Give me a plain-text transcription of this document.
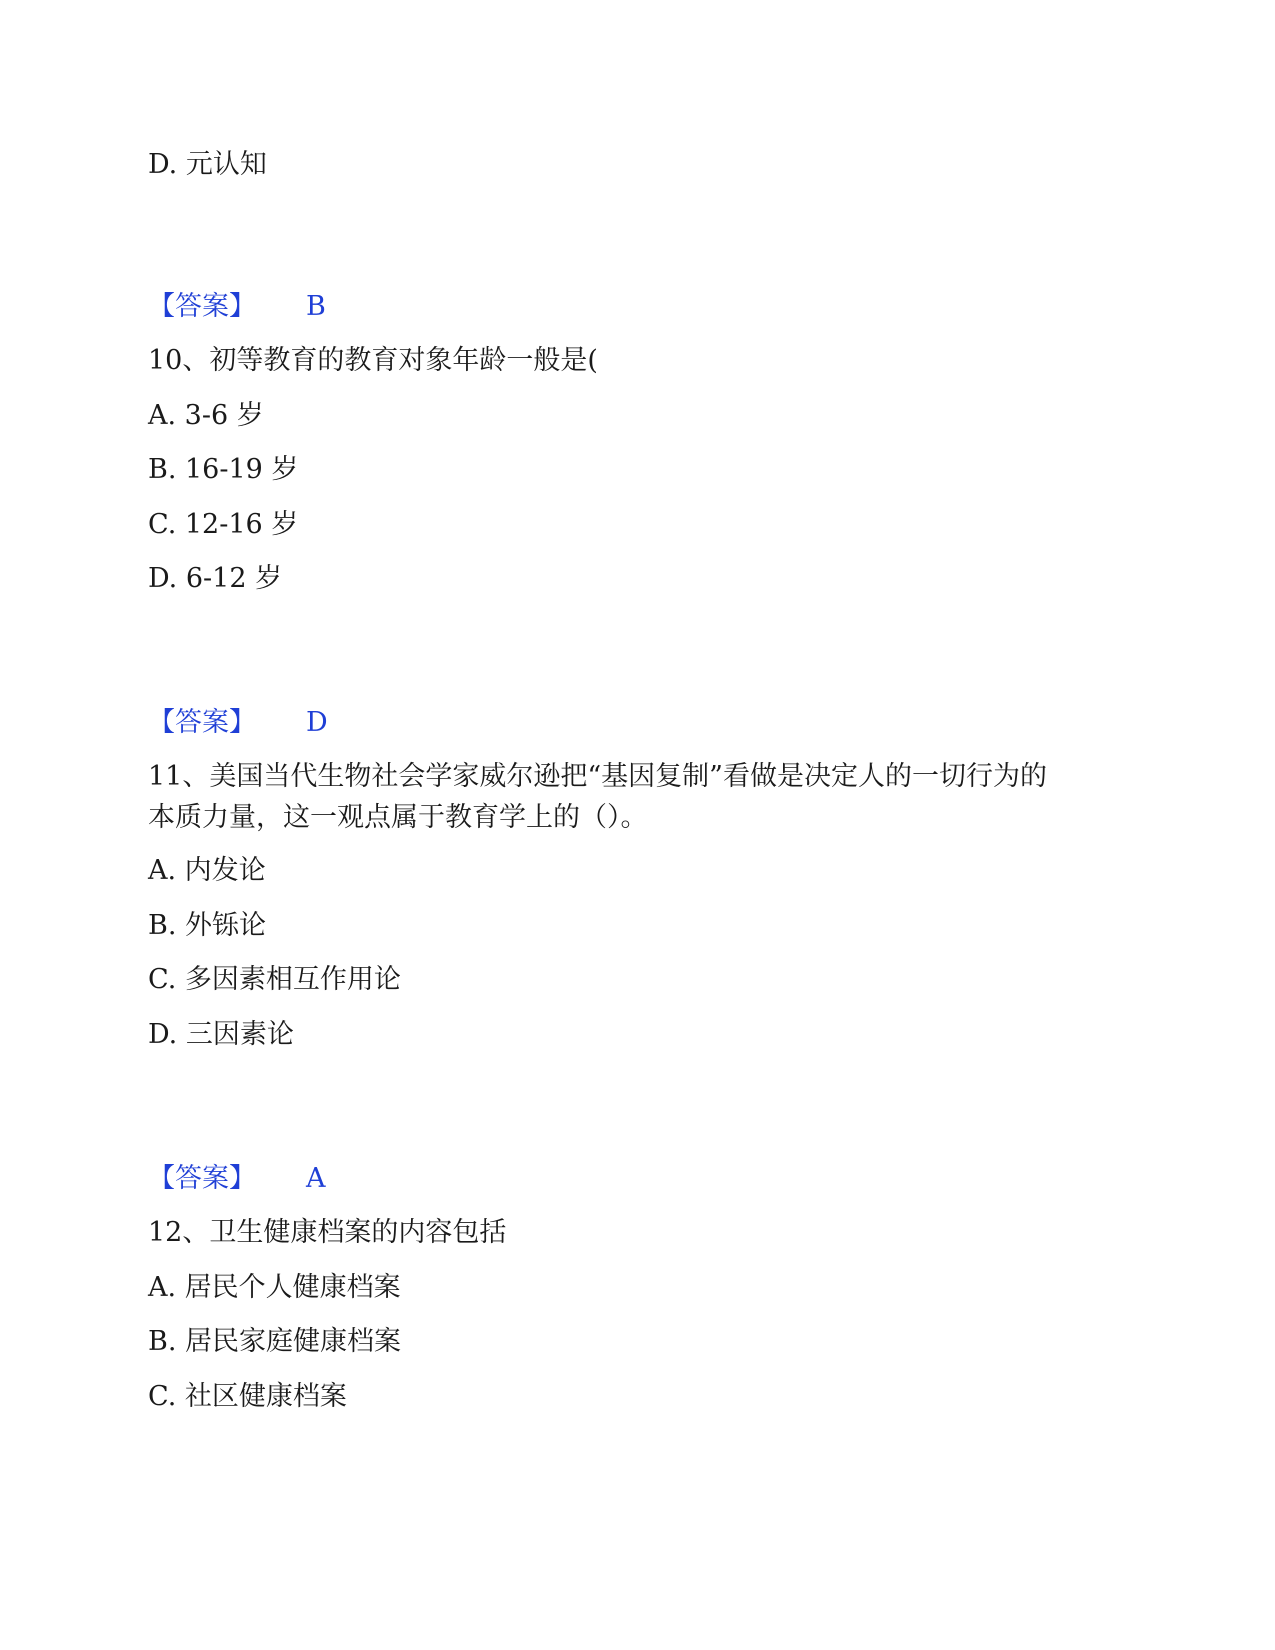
D. 元认知
【答案】 B
10、初等教育的教育对象年龄一般是(
A. 3-6 岁
B. 16-19 岁
C. 12-16 岁
D. 6-12 岁
【答案】 D
11、美国当代生物社会学家威尔逊把“基因复制”看做是决定人的一切行为的
本质力量，这一观点属于教育学上的（）。
A. 内发论
B. 外铄论
C. 多因素相互作用论
D. 三因素论
【答案】 A
12、卫生健康档案的内容包括
A. 居民个人健康档案
B. 居民家庭健康档案
C. 社区健康档案
